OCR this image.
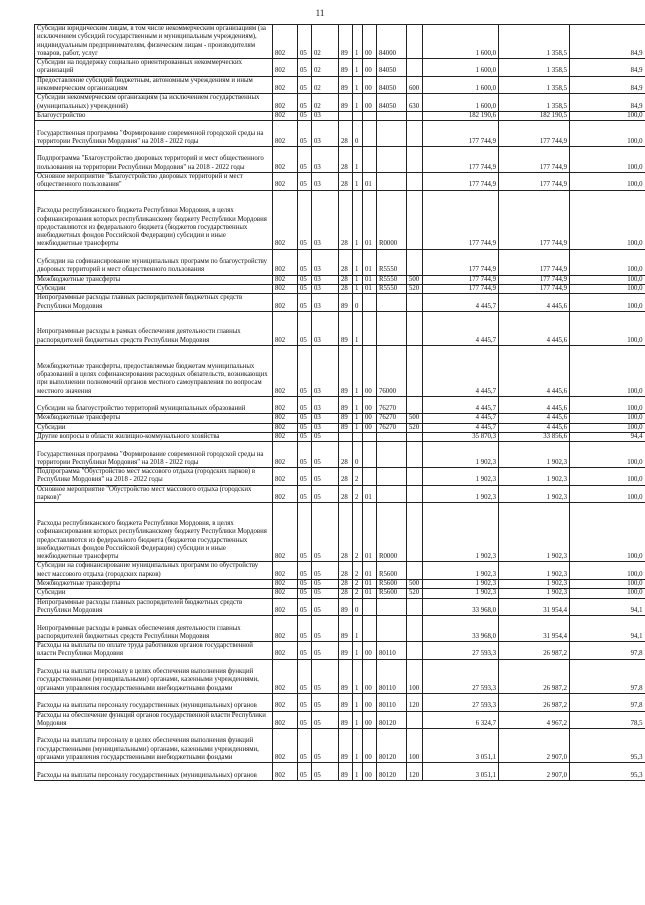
11
Субсидии юридическим лицам, в том числе некоммерческим организациям (за исключением субсидий государственным и муниципальным учреждениям), индивидуальным предпринимателям, физическим лицам - производителям товаров, работ, услуг	802	05	02	89	1	00	84000		1 600,0	1 358,5	84,9
Субсидии на поддержку социально ориентированных некоммерческих организаций	802	05	02	89	1	00	84050		1 600,0	1 358,5	84,9
Предоставление субсидий бюджетным, автономным учреждениям и иным некоммерческим организациям	802	05	02	89	1	00	84050	600	1 600,0	1 358,5	84,9
Субсидии некоммерческим организациям (за исключением государственных (муниципальных) учреждений)	802	05	02	89	1	00	84050	630	1 600,0	1 358,5	84,9
Благоустройство	802	05	03						182 190,6	182 190,5	100,0
Государственная программа "Формирование современной городской среды на территории Республики Мордовия" на 2018 - 2022 годы	802	05	03	28	0				177 744,9	177 744,9	100,0
Подпрограмма "Благоустройство дворовых территорий и мест общественного пользования на территории Республики Мордовия" на 2018 - 2022 годы	802	05	03	28	1				177 744,9	177 744,9	100,0
Основное мероприятие "Благоустройство дворовых территорий и мест общественного пользования"	802	05	03	28	1	01			177 744,9	177 744,9	100,0
Расходы республиканского бюджета Республики Мордовия, в целях софинансирования которых республиканскому бюджету Республики Мордовия предоставляются из федерального бюджета (бюджетов государственных внебюджетных фондов Российской Федерации) субсидии и иные межбюджетные трансферты	802	05	03	28	1	01	R0000		177 744,9	177 744,9	100,0
Субсидии на софинансирование муниципальных программ по благоустройству дворовых территорий и мест общественного пользования	802	05	03	28	1	01	R5550		177 744,9	177 744,9	100,0
Межбюджетные трансферты	802	05	03	28	1	01	R5550	500	177 744,9	177 744,9	100,0
Субсидии	802	05	03	28	1	01	R5550	520	177 744,9	177 744,9	100,0
Непрограммные расходы главных распорядителей бюджетных средств Республики Мордовия	802	05	03	89	0				4 445,7	4 445,6	100,0
Непрограммные расходы в рамках обеспечения деятельности главных распорядителей бюджетных средств Республики Мордовия	802	05	03	89	1				4 445,7	4 445,6	100,0
Межбюджетные трансферты, предоставляемые бюджетам муниципальных образований в целях софинансирования расходных обязательств, возникающих при выполнении полномочий органов местного самоуправления по вопросам местного значения	802	05	03	89	1	00	76000		4 445,7	4 445,6	100,0
Субсидии на благоустройство территорий муниципальных образований	802	05	03	89	1	00	76270		4 445,7	4 445,6	100,0
Межбюджетные трансферты	802	05	03	89	1	00	76270	500	4 445,7	4 445,6	100,0
Субсидии	802	05	03	89	1	00	76270	520	4 445,7	4 445,6	100,0
Другие вопросы в области жилищно-коммунального хозяйства	802	05	05						35 870,3	33 856,6	94,4
Государственная программа "Формирование современной городской среды на территории Республики Мордовия" на 2018 - 2022 годы	802	05	05	28	0				1 902,3	1 902,3	100,0
Подпрограмма "Обустройство мест массового отдыха (городских парков) в Республике Мордовия" на 2018 - 2022 годы	802	05	05	28	2				1 902,3	1 902,3	100,0
Основное мероприятие "Обустройство мест массового отдыха (городских парков)"	802	05	05	28	2	01			1 902,3	1 902,3	100,0
Расходы республиканского бюджета Республики Мордовия, в целях софинансирования которых республиканскому бюджету Республики Мордовия предоставляются из федерального бюджета (бюджетов государственных внебюджетных фондов Российской Федерации) субсидии и иные межбюджетные трансферты	802	05	05	28	2	01	R0000		1 902,3	1 902,3	100,0
Субсидии на софинансирование муниципальных программ по обустройству мест массового отдыха (городских парков)	802	05	05	28	2	01	R5600		1 902,3	1 902,3	100,0
Межбюджетные трансферты	802	05	05	28	2	01	R5600	500	1 902,3	1 902,3	100,0
Субсидии	802	05	05	28	2	01	R5600	520	1 902,3	1 902,3	100,0
Непрограммные расходы главных распорядителей бюджетных средств Республики Мордовия	802	05	05	89	0				33 968,0	31 954,4	94,1
Непрограммные расходы в рамках обеспечения деятельности главных распорядителей бюджетных средств Республики Мордовия	802	05	05	89	1				33 968,0	31 954,4	94,1
Расходы на выплаты по оплате труда работников органов государственной власти Республики Мордовия	802	05	05	89	1	00	80110		27 593,3	26 987,2	97,8
Расходы на выплаты персоналу в целях обеспечения выполнения функций государственными (муниципальными) органами, казенными учреждениями, органами управления государственными внебюджетными фондами	802	05	05	89	1	00	80110	100	27 593,3	26 987,2	97,8
Расходы на выплаты персоналу государственных (муниципальных) органов	802	05	05	89	1	00	80110	120	27 593,3	26 987,2	97,8
Расходы на обеспечение функций органов государственной власти Республики Мордовия	802	05	05	89	1	00	80120		6 324,7	4 967,2	78,5
Расходы на выплаты персоналу в целях обеспечения выполнения функций государственными (муниципальными) органами, казенными учреждениями, органами управления государственными внебюджетными фондами	802	05	05	89	1	00	80120	100	3 051,1	2 907,0	95,3
Расходы на выплаты персоналу государственных (муниципальных) органов	802	05	05	89	1	00	80120	120	3 051,1	2 907,0	95,3
